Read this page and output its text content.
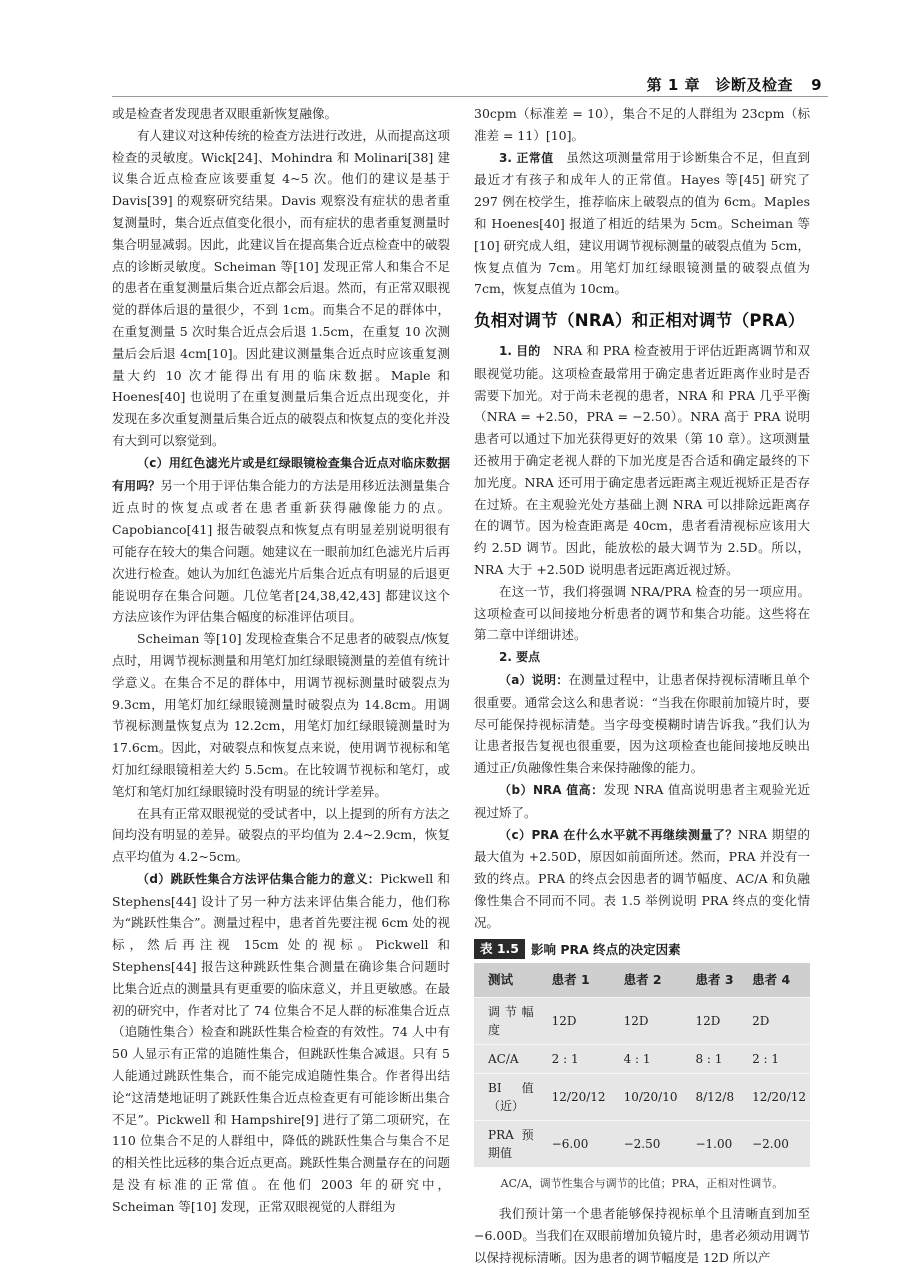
第 1 章　诊断及检查 9

或是检查者发现患者双眼重新恢复融像。

有人建议对这种传统的检查方法进行改进，从而提高这项检查的灵敏度。Wick[24]、Mohindra 和 Molinari[38] 建议集合近点检查应该要重复 4~5 次。他们的建议是基于 Davis[39] 的观察研究结果。Davis 观察没有症状的患者重复测量时，集合近点值变化很小，而有症状的患者重复测量时集合明显减弱。因此，此建议旨在提高集合近点检查中的破裂点的诊断灵敏度。Scheiman 等[10] 发现正常人和集合不足的患者在重复测量后集合近点都会后退。然而，有正常双眼视觉的群体后退的量很少，不到 1cm。而集合不足的群体中，在重复测量 5 次时集合近点会后退 1.5cm，在重复 10 次测量后会后退 4cm[10]。因此建议测量集合近点时应该重复测量大约 10 次才能得出有用的临床数据。Maple 和 Hoenes[40] 也说明了在重复测量后集合近点出现变化，并发现在多次重复测量后集合近点的破裂点和恢复点的变化并没有大到可以察觉到。

（c）用红色滤光片或是红绿眼镜检查集合近点对临床数据有用吗？另一个用于评估集合能力的方法是用移近法测量集合近点时的恢复点或者在患者重新获得融像能力的点。Capobianco[41] 报告破裂点和恢复点有明显差别说明很有可能存在较大的集合问题。她建议在一眼前加红色滤光片后再次进行检查。她认为加红色滤光片后集合近点有明显的后退更能说明存在集合问题。几位笔者[24,38,42,43] 都建议这个方法应该作为评估集合幅度的标准评估项目。

Scheiman 等[10] 发现检查集合不足患者的破裂点/恢复点时，用调节视标测量和用笔灯加红绿眼镜测量的差值有统计学意义。在集合不足的群体中，用调节视标测量时破裂点为 9.3cm，用笔灯加红绿眼镜测量时破裂点为 14.8cm。用调节视标测量恢复点为 12.2cm，用笔灯加红绿眼镜测量时为 17.6cm。因此，对破裂点和恢复点来说，使用调节视标和笔灯加红绿眼镜相差大约 5.5cm。在比较调节视标和笔灯，或笔灯和笔灯加红绿眼镜时没有明显的统计学差异。

在具有正常双眼视觉的受试者中，以上提到的所有方法之间均没有明显的差异。破裂点的平均值为 2.4~2.9cm，恢复点平均值为 4.2~5cm。

（d）跳跃性集合方法评估集合能力的意义：Pickwell 和 Stephens[44] 设计了另一种方法来评估集合能力，他们称为“跳跃性集合”。测量过程中，患者首先要注视 6cm 处的视标，然后再注视 15cm 处的视标。Pickwell 和 Stephens[44] 报告这种跳跃性集合测量在确诊集合问题时比集合近点的测量具有更重要的临床意义，并且更敏感。在最初的研究中，作者对比了 74 位集合不足人群的标准集合近点（追随性集合）检查和跳跃性集合检查的有效性。74 人中有 50 人显示有正常的追随性集合，但跳跃性集合减退。只有 5 人能通过跳跃性集合，而不能完成追随性集合。作者得出结论“这清楚地证明了跳跃性集合近点检查更有可能诊断出集合不足”。Pickwell 和 Hampshire[9] 进行了第二项研究，在 110 位集合不足的人群组中，降低的跳跃性集合与集合不足的相关性比远移的集合近点更高。跳跃性集合测量存在的问题是没有标准的正常值。在他们 2003 年的研究中，Scheiman 等[10] 发现，正常双眼视觉的人群组为

30cpm（标准差 = 10），集合不足的人群组为 23cpm（标准差 = 11）[10]。

3. 正常值　 虽然这项测量常用于诊断集合不足，但直到最近才有孩子和成年人的正常值。Hayes 等[45] 研究了 297 例在校学生，推荐临床上破裂点的值为 6cm。Maples 和 Hoenes[40] 报道了相近的结果为 5cm。Scheiman 等[10] 研究成人组，建议用调节视标测量的破裂点值为 5cm，恢复点值为 7cm。用笔灯加红绿眼镜测量的破裂点值为 7cm，恢复点值为 10cm。

负相对调节（NRA）和正相对调节（PRA）

1. 目的　 NRA 和 PRA 检查被用于评估近距离调节和双眼视觉功能。这项检查最常用于确定患者近距离作业时是否需要下加光。对于尚未老视的患者，NRA 和 PRA 几乎平衡（NRA = +2.50，PRA = −2.50）。NRA 高于 PRA 说明患者可以通过下加光获得更好的效果（第 10 章）。这项测量还被用于确定老视人群的下加光度是否合适和确定最终的下加光度。NRA 还可用于确定患者远距离主观近视矫正是否存在过矫。在主观验光处方基础上测 NRA 可以排除远距离存在的调节。因为检查距离是 40cm，患者看清视标应该用大约 2.5D 调节。因此，能放松的最大调节为 2.5D。所以，NRA 大于 +2.50D 说明患者远距离近视过矫。

在这一节，我们将强调 NRA/PRA 检查的另一项应用。这项检查可以间接地分析患者的调节和集合功能。这些将在第二章中详细讲述。

2. 要点

（a）说明：在测量过程中，让患者保持视标清晰且单个很重要。通常会这么和患者说：“当我在你眼前加镜片时，要尽可能保持视标清楚。当字母变模糊时请告诉我。”我们认为让患者报告复视也很重要，因为这项检查也能间接地反映出通过正/负融像性集合来保持融像的能力。

（b）NRA 值高：发现 NRA 值高说明患者主观验光近视过矫了。

（c）PRA 在什么水平就不再继续测量了？NRA 期望的最大值为 +2.50D，原因如前面所述。然而，PRA 并没有一致的终点。PRA 的终点会因患者的调节幅度、AC/A 和负融像性集合不同而不同。表 1.5 举例说明 PRA 终点的变化情况。

表 1.5 影响 PRA 终点的决定因素
测试	患者 1	患者 2	患者 3	患者 4
调节幅度	12D	12D	12D	2D
AC/A	2 : 1	4 : 1	8 : 1	2 : 1
BI 值（近）	12/20/12	10/20/10	8/12/8	12/20/12
PRA 预期值	−6.00	−2.50	−1.00	−2.00
AC/A，调节性集合与调节的比值；PRA，正相对性调节。

我们预计第一个患者能够保持视标单个且清晰直到加至 −6.00D。当我们在双眼前增加负镜片时，患者必须动用调节以保持视标清晰。因为患者的调节幅度是 12D 所以产
